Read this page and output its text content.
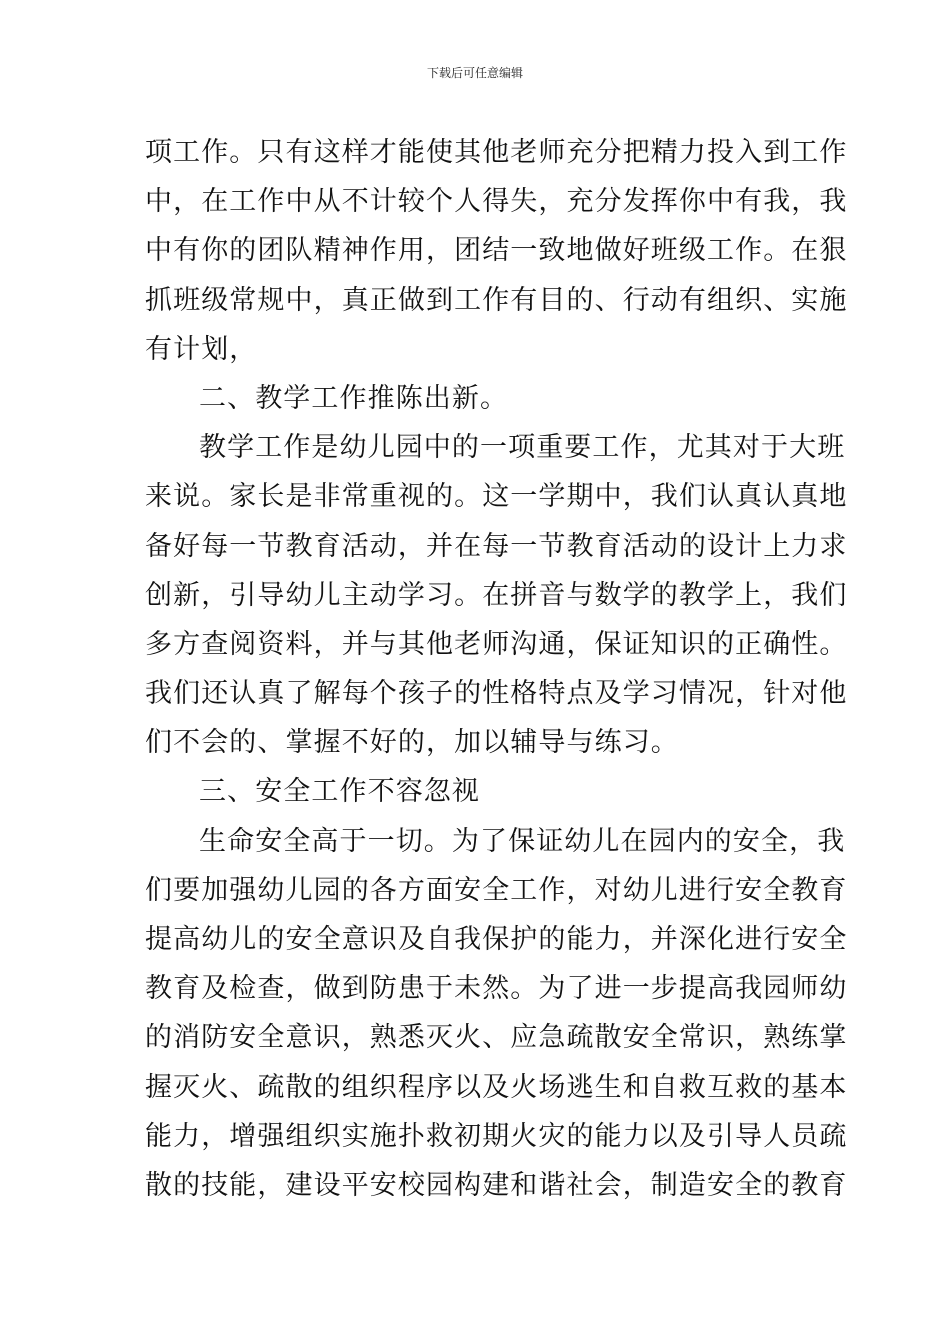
下载后可任意编辑
项工作。只有这样才能使其他老师充分把精力投入到工作
中，在工作中从不计较个人得失，充分发挥你中有我，我
中有你的团队精神作用，团结一致地做好班级工作。在狠
抓班级常规中，真正做到工作有目的、行动有组织、实施
有计划，
二、教学工作推陈出新。
教学工作是幼儿园中的一项重要工作，尤其对于大班
来说。家长是非常重视的。这一学期中，我们认真认真地
备好每一节教育活动，并在每一节教育活动的设计上力求
创新，引导幼儿主动学习。在拼音与数学的教学上，我们
多方查阅资料，并与其他老师沟通，保证知识的正确性。
我们还认真了解每个孩子的性格特点及学习情况，针对他
们不会的、掌握不好的，加以辅导与练习。
三、安全工作不容忽视
生命安全高于一切。为了保证幼儿在园内的安全，我
们要加强幼儿园的各方面安全工作，对幼儿进行安全教育
提高幼儿的安全意识及自我保护的能力，并深化进行安全
教育及检查，做到防患于未然。为了进一步提高我园师幼
的消防安全意识，熟悉灭火、应急疏散安全常识，熟练掌
握灭火、疏散的组织程序以及火场逃生和自救互救的基本
能力，增强组织实施扑救初期火灾的能力以及引导人员疏
散的技能，建设平安校园构建和谐社会，制造安全的教育
